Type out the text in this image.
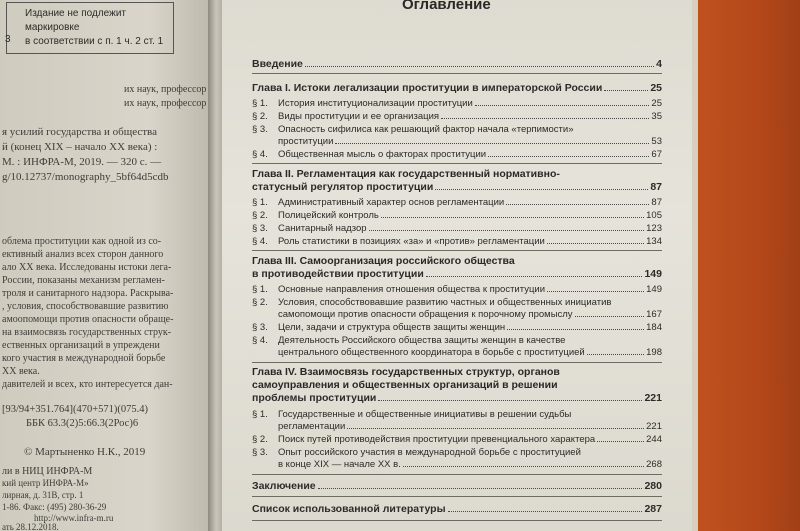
3
Издание не подлежит маркировке
в соответствии с п. 1 ч. 2 ст. 1
их наук, профессор
их наук, профессор
я усилий государства и общества
й (конец XIX – начало XX века) :
М. : ИНФРА-М, 2019. — 320 с. —
g/10.12737/monography_5bf64d5cdb
облема проституции как одной из со-
ективный анализ всех сторон данного
ало XX века. Исследованы истоки лега-
России, показаны механизм регламен-
троля и санитарного надзора. Раскрыва-
, условия, способствовавшие развитию
амоопомощи против опасности обраще-
на взаимосвязь государственных струк-
ественных организаций в упреждени
кого участия в международной борьбе
XX века.
давителей и всех, кто интересуется дан-
[93/94+351.764](470+571)(075.4)
ББК 63.3(2)5:66.3(2Рос)6
© Мартыненко Н.К., 2019
ли в НИЦ ИНФРА-М
кий центр ИНФРА-М»
лирная, д. 31В, стр. 1
1-86. Факс: (495) 280-36-29
http://www.infra-m.ru
ать 28.12.2018.
Оглавление
Введение	4
Глава I. Истоки легализации проституции в императорской России	25
§ 1.	История институционализации проституции	25
§ 2.	Виды проституции и ее организация	35
§ 3.	Опасность сифилиса как решающий фактор начала «терпимости»
проституции	53
§ 4.	Общественная мысль о факторах проституции	67
Глава II. Регламентация как государственный нормативно-
статусный регулятор проституции	87
§ 1.	Административный характер основ регламентации	87
§ 2.	Полицейский контроль	105
§ 3.	Санитарный надзор	123
§ 4.	Роль статистики в позициях «за» и «против» регламентации	134
Глава III. Самоорганизация российского общества
в противодействии проституции	149
§ 1.	Основные направления отношения общества к проституции	149
§ 2.	Условия, способствовавшие развитию частных и общественных инициатив
самопомощи против опасности обращения к порочному промыслу	167
§ 3.	Цели, задачи и структура обществ защиты женщин	184
§ 4.	Деятельность Российского общества защиты женщин в качестве
центрального общественного координатора в борьбе с проституцией	198
Глава IV. Взаимосвязь государственных структур, органов
самоуправления и общественных организаций в решении
проблемы проституции	221
§ 1.	Государственные и общественные инициативы в решении судьбы
регламентации	221
§ 2.	Поиск путей противодействия проституции превенциального характера	244
§ 3.	Опыт российского участия в международной борьбе с проституцией
в конце XIX — начале XX в.	268
Заключение	280
Список использованной литературы	287
